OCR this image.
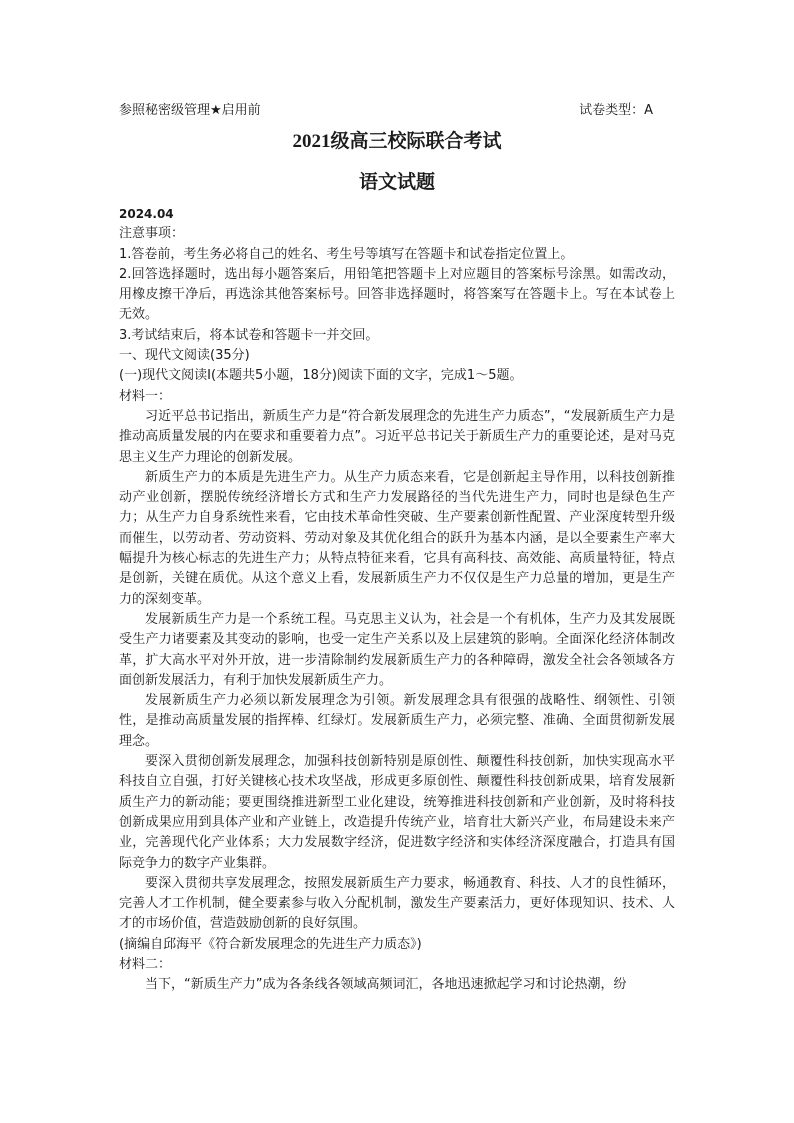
参照秘密级管理★启用前	试卷类型：A
2021级高三校际联合考试
语文试题

2024.04

注意事项：

1.答卷前，考生务必将自己的姓名、考生号等填写在答题卡和试卷指定位置上。

2.回答选择题时，选出每小题答案后，用铅笔把答题卡上对应题目的答案标号涂黑。如需改动，用橡皮擦干净后，再选涂其他答案标号。回答非选择题时，将答案写在答题卡上。写在本试卷上无效。

3.考试结束后，将本试卷和答题卡一并交回。

一、现代文阅读(35分)

(一)现代文阅读Ⅰ(本题共5小题，18分)阅读下面的文字，完成1～5题。

材料一：

习近平总书记指出，新质生产力是“符合新发展理念的先进生产力质态”，“发展新质生产力是推动高质量发展的内在要求和重要着力点”。习近平总书记关于新质生产力的重要论述，是对马克思主义生产力理论的创新发展。

新质生产力的本质是先进生产力。从生产力质态来看，它是创新起主导作用，以科技创新推动产业创新，摆脱传统经济增长方式和生产力发展路径的当代先进生产力，同时也是绿色生产力；从生产力自身系统性来看，它由技术革命性突破、生产要素创新性配置、产业深度转型升级而催生，以劳动者、劳动资料、劳动对象及其优化组合的跃升为基本内涵，是以全要素生产率大幅提升为核心标志的先进生产力；从特点特征来看，它具有高科技、高效能、高质量特征，特点是创新，关键在质优。从这个意义上看，发展新质生产力不仅仅是生产力总量的增加，更是生产力的深刻变革。

发展新质生产力是一个系统工程。马克思主义认为，社会是一个有机体，生产力及其发展既受生产力诸要素及其变动的影响，也受一定生产关系以及上层建筑的影响。全面深化经济体制改革，扩大高水平对外开放，进一步清除制约发展新质生产力的各种障碍，激发全社会各领域各方面创新发展活力，有利于加快发展新质生产力。

发展新质生产力必须以新发展理念为引领。新发展理念具有很强的战略性、纲领性、引领性，是推动高质量发展的指挥棒、红绿灯。发展新质生产力，必须完整、准确、全面贯彻新发展理念。

要深入贯彻创新发展理念，加强科技创新特别是原创性、颠覆性科技创新，加快实现高水平科技自立自强，打好关键核心技术攻坚战，形成更多原创性、颠覆性科技创新成果，培育发展新质生产力的新动能；要更围绕推进新型工业化建设，统筹推进科技创新和产业创新，及时将科技创新成果应用到具体产业和产业链上，改造提升传统产业，培育壮大新兴产业，布局建设未来产业，完善现代化产业体系；大力发展数字经济，促进数字经济和实体经济深度融合，打造具有国际竞争力的数字产业集群。

要深入贯彻共享发展理念，按照发展新质生产力要求，畅通教育、科技、人才的良性循环，完善人才工作机制，健全要素参与收入分配机制，激发生产要素活力，更好体现知识、技术、人才的市场价值，营造鼓励创新的良好氛围。

(摘编自邱海平《符合新发展理念的先进生产力质态》)

材料二：

当下，“新质生产力”成为各条线各领域高频词汇，各地迅速掀起学习和讨论热潮，纷
